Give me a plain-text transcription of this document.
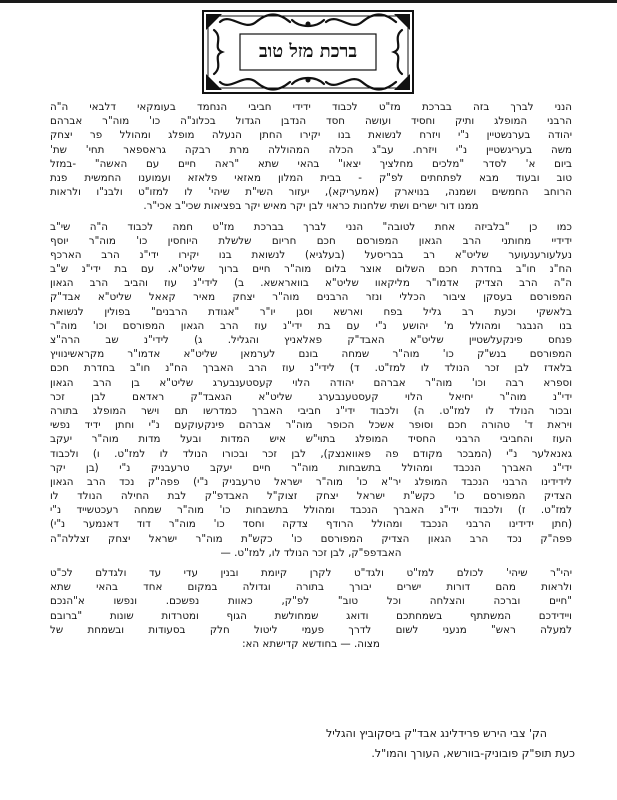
ברכת מזל טוב
הנני לברך בזה בברכת מז"ט לכבוד ידידי חביבי הנחמד בעומקאי דלבאי ה"ה
הרבני המופלג ותיק וחסיד ועושה חסד הנדבן הגדול בכלונ"ה כו' מוה"ר אברהם
יהודה בערנשטיין נ"י ויזרח לנשואת בנו יקירו החתן הנעלה מופלג ומהולל פר יצחק
משה בעריגשטיין נ"י ויזרח. עב"ג הכלה המהוללה מרת רבקה גראספאר תחי' שת'
ביום א' לסדר "מלכים מחלציך יצאו" בהאי שתא "ראה חיים עם האשה" -במזל
טוב ובעוד מבא לפתחתים לפ"ק - בבית המלון מאזאי פלאזא ועמוענו החמשית פנת
הרוחב החמשים ושמנה, בנויארק (אמעריקא), יעזור השי"ת שיהי' לו למזו"ט ולבנ"ו ולראות
ממנו דור ישרים ושתי שלחנות כראוי לבן יקר מאיש יקר בפציאות שכי"ב אכי"ר.
כמו כן "בלביזה אחת לטובה" הנני לברך בברכת מז"ט חמה לכבוד ה"ה שי"ב
ידידיי מחותני הרב הגאון המפורסם חכם חריום שלשלת היוחסין כו' מוה"ר יוסף
נעלעורענעוער שליט"א רב בבריסעל (בעלגיא) לנשואת בנו יקירו ידי"נ הרב הארכף
הח"נ חו"ב בחדרת חכם השלום אוצר בלום מוה"ר חיים ברוך שליט"א. עם בת ידי"נ ש"ב
ה"ה הרב הצדיק אדמו"ר מליקאוו שליט"א בוואראשא. ב) לידי"נ עוז והביב הרב הגאון
המפורסם בעסקן ציבור הכללי ונזר הרבנים מוה"ר יצחק מאיר קאאל שליט"א אבד"ק
בלאשקי וכעת רב גליל בפח וארשא וסגן יו"ר "אגודת הרבנים" בפולין לנשואת
בנו הנבגר ומהולל מ' יהושע נ"י עם בת ידי"נ עוז הרב הגאון המפורסם וכו' מוה"ר
פנחס פינקעלשטיין שליט"א האבד"ק פאלאניץ והגליל. ג) לידי"נ שב הרה"צ
המפורסם בנש"ק כו' מוה"ר שמחה בונם לערמאן שליט"א אדמו"ר מקראשינוויץ
בלאדז לבן זכר הנולד לו למז"ט. ד) לידי"נ עוז הרב האברך הח"נ חו"ב בחדרת חכם
וספרא רבה וכו' מוה"ר אברהם יהודה הלוי קעסטענבערג שליט"א בן הרב הגאון
ידי"נ מוה"ר יחיאל הלוי קעסטענבערג שליט"א הגאבד"ק ראדאם לבן זכר
ובכור הנולד לו למז"ט. ה) ולכבוד ידי"נ חביבי האברך כמדרשו תם וישר המופלג בתורה
ויראת ד' טהורה חכם וסופר אשכל הכופר מוה"ר אברהם פינקעוקעם נ"י וחתן ידיד נפשי
העוז והחביבי הרבני החסיד המופלג בתוי"ש איש המדות ובעל מדות מוה"ר יעקב
גאנאלער נ"י (המבכר מקודם פה פאוואנצק), לבן זכר ובכורו הנולד לו למז"ט. ו) ולכבוד
ידי"נ האברך הנכבד ומהולל בתשבחות מוה"ר חיים יעקב טרעבניק נ"י (בן יקר
לידידינו הרבני הנכבד המופלג יר"א כו' מוה"ר ישראל טרעבניק נ"י) פפה"ק נכד הרב הגאון
הצדיק המפורסם כו' כקש"ת ישראל יצחק זצוק"ל האבדפ"ק לבת החילה הנולד לו
למז"ט. ז) ולכבוד ידי"נ האברך הנכבד ומהולל בתשבחות כו' מוה"ר שמחה רעכטשייד נ"י
(חתן ידידינו הרבני הנכבד ומהולל הרודף צדקה וחסד כו' מוה"ר דוד דאנמער נ"י)
פפה"ק נכד הרב הגאון הצדיק המפורסם כו' כקש"ת מוה"ר ישראל יצחק זצללה"ה
האבדפפ"ק, לבן זכר הנולד לו, למז"ט. —
יהי"ר שיהי' לכולם למז"ט ולגד"ט לקרן קיומת ובנין עדי עד ולגדלם לכ"ט
ולראות מהם דורות ישרים יבורך בתורה וגדולה במקום אחד בהאי שתא
"חיים וברכה והצלחה וכל טוב" לפ"ק, כאוות נפשכם. ונפשו א"הנכם
ויידידכם המשתתף בשמחתכם ודואג שמחולשת הגוף ומטרדות שונות "ברובם
למעלה ראש" מנעני לשום לדרך פעמי ליטול חלק בסעודות ובשמחת של
מצוה. — בחודשא קדישתא הא:
הק' צבי הירש פרידלינג אבד"ק ביסקוביץ והגליל
כעת תופ"ק פובוניק-בוורשא, העורך והמו"ל.
